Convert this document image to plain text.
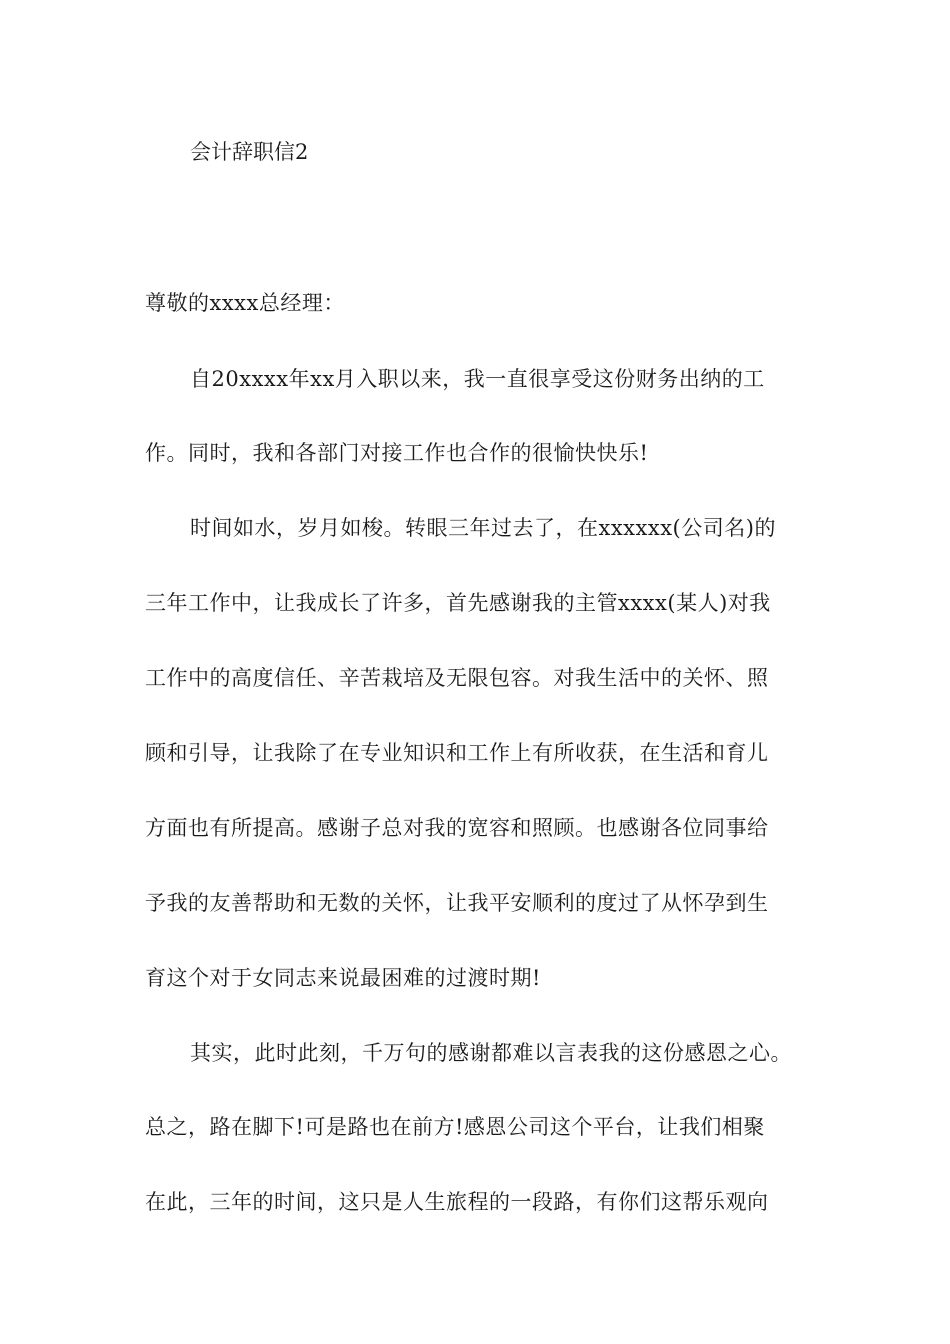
会计辞职信2
尊敬的xxxx总经理：
自20xxxx年xx月入职以来，我一直很享受这份财务出纳的工
作。同时，我和各部门对接工作也合作的很愉快快乐!
时间如水，岁月如梭。转眼三年过去了，在xxxxxx(公司名)的
三年工作中，让我成长了许多，首先感谢我的主管xxxx(某人)对我
工作中的高度信任、辛苦栽培及无限包容。对我生活中的关怀、照
顾和引导，让我除了在专业知识和工作上有所收获，在生活和育儿
方面也有所提高。感谢子总对我的宽容和照顾。也感谢各位同事给
予我的友善帮助和无数的关怀，让我平安顺利的度过了从怀孕到生
育这个对于女同志来说最困难的过渡时期!
其实，此时此刻，千万句的感谢都难以言表我的这份感恩之心。
总之，路在脚下!可是路也在前方!感恩公司这个平台，让我们相聚
在此，三年的时间，这只是人生旅程的一段路，有你们这帮乐观向
